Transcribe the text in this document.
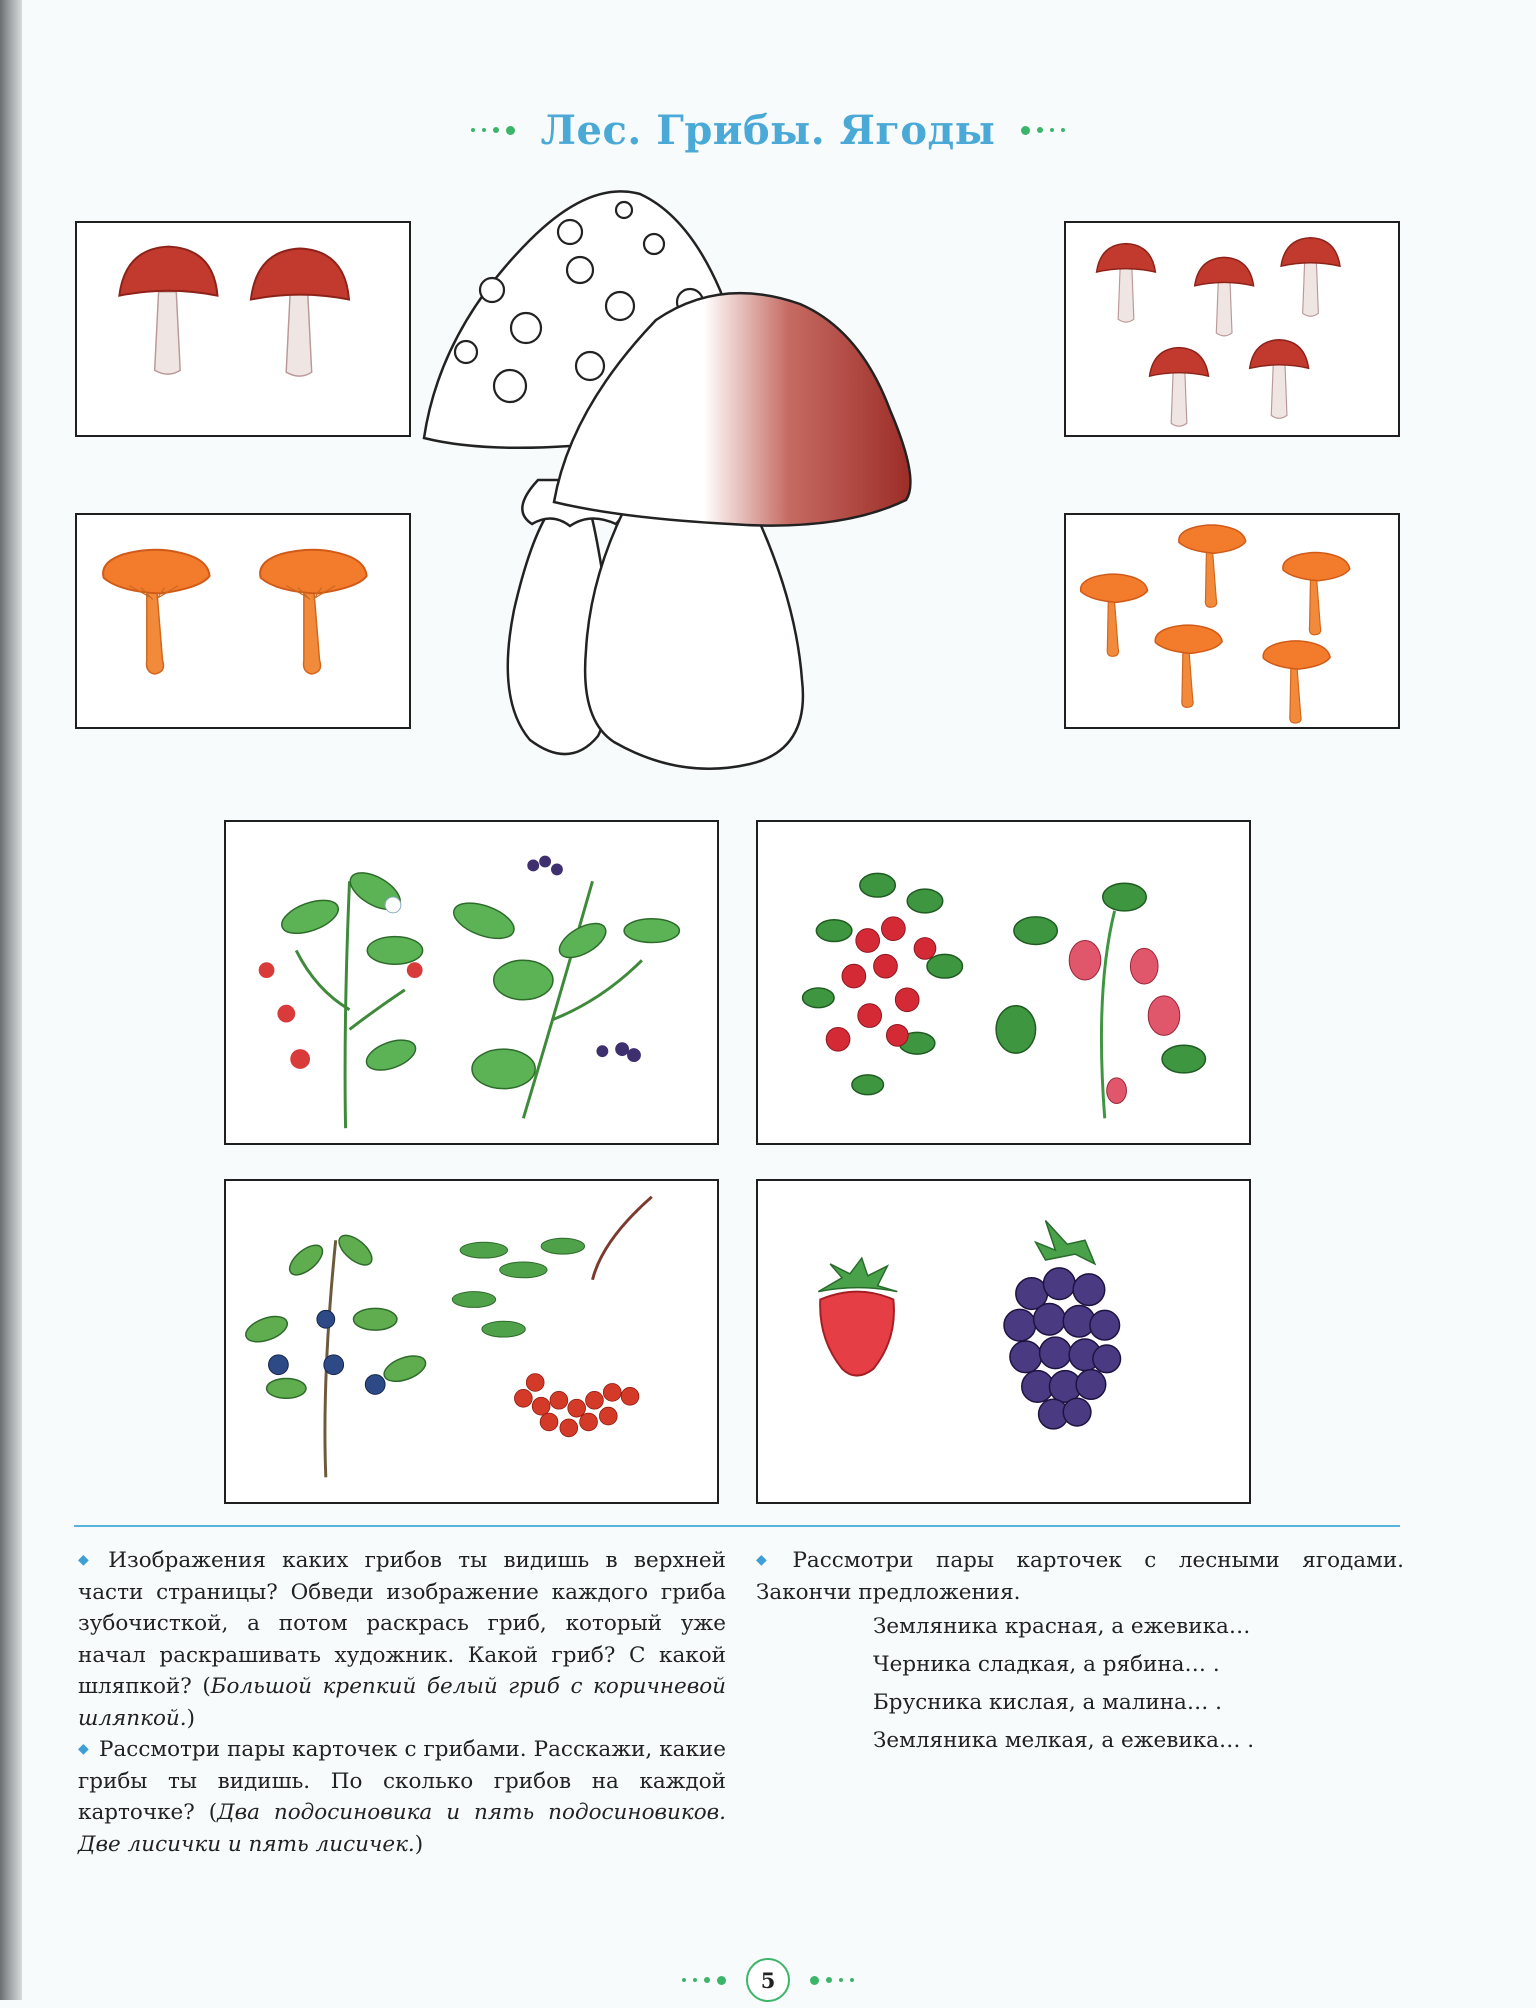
Лес. Грибы. Ягоды

◆ Изображения каких грибов ты видишь в верхней части страницы? Обведи изображение каждого гриба зубочисткой, а потом раскрась гриб, который уже начал раскрашивать художник. Какой гриб? С какой шляпкой? (Большой крепкий белый гриб с коричневой шляпкой.)

◆ Рассмотри пары карточек с грибами. Расскажи, какие грибы ты видишь. По сколько грибов на каждой карточке? (Два подосиновика и пять подосиновиков. Две лисички и пять лисичек.)

◆ Рассмотри пары карточек с лесными ягодами. Закончи предложения.

Земляника красная, а ежевика…
Черника сладкая, а рябина… .
Брусника кислая, а малина… .
Земляника мелкая, а ежевика… .
5
